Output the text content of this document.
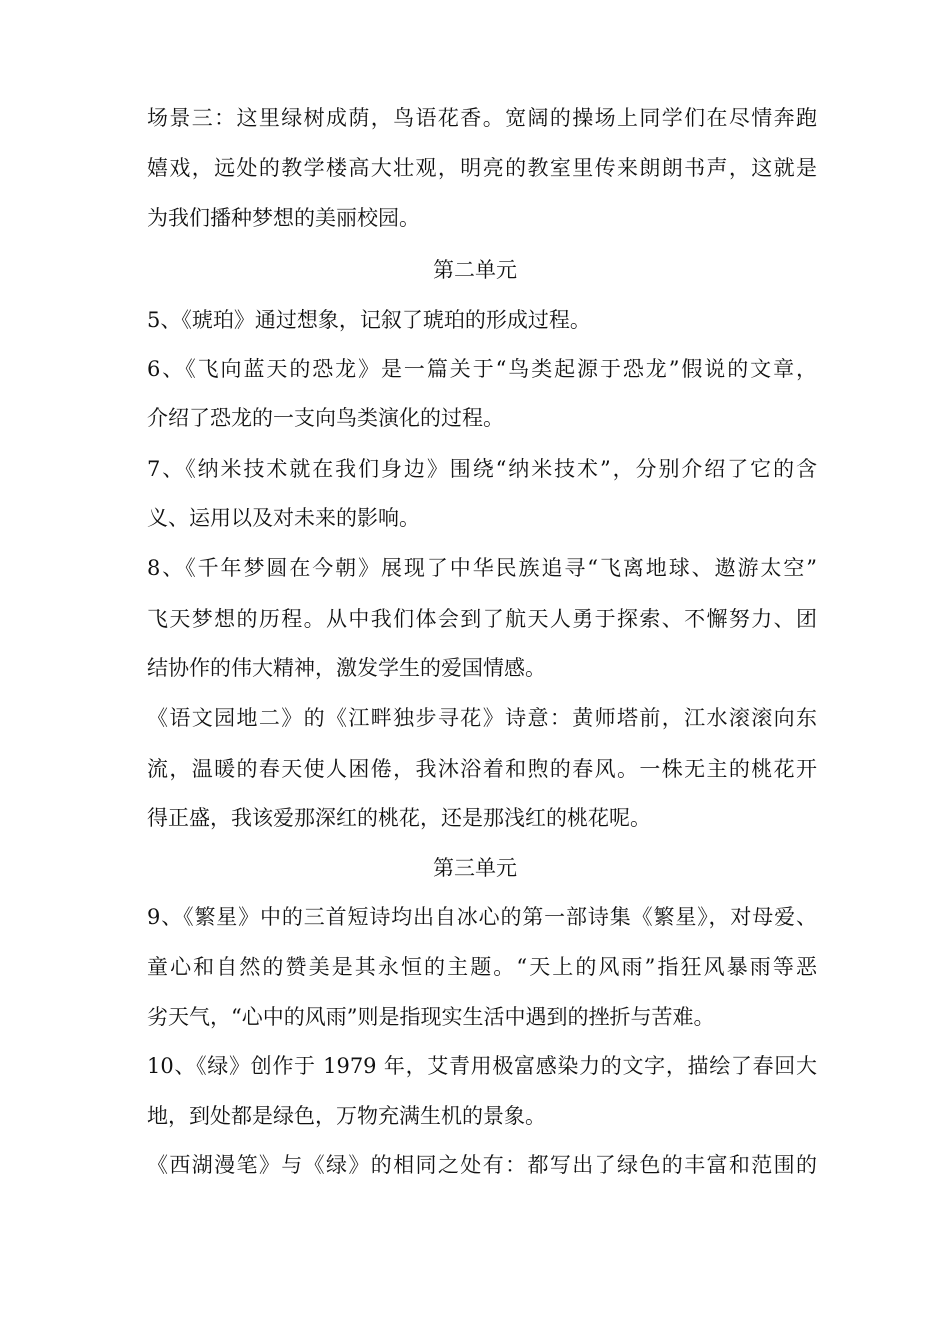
场景三：这里绿树成荫，鸟语花香。宽阔的操场上同学们在尽情奔跑
嬉戏，远处的教学楼高大壮观，明亮的教室里传来朗朗书声，这就是
为我们播种梦想的美丽校园。
第二单元
5、《琥珀》通过想象，记叙了琥珀的形成过程。
6、《飞向蓝天的恐龙》是一篇关于“鸟类起源于恐龙”假说的文章，
介绍了恐龙的一支向鸟类演化的过程。
7、《纳米技术就在我们身边》围绕“纳米技术”，分别介绍了它的含
义、运用以及对未来的影响。
8、《千年梦圆在今朝》展现了中华民族追寻“飞离地球、遨游太空”
飞天梦想的历程。从中我们体会到了航天人勇于探索、不懈努力、团
结协作的伟大精神，激发学生的爱国情感。
《语文园地二》的《江畔独步寻花》诗意：黄师塔前，江水滚滚向东
流，温暖的春天使人困倦，我沐浴着和煦的春风。一株无主的桃花开
得正盛，我该爱那深红的桃花，还是那浅红的桃花呢。
第三单元
9、《繁星》中的三首短诗均出自冰心的第一部诗集《繁星》，对母爱、
童心和自然的赞美是其永恒的主题。“天上的风雨”指狂风暴雨等恶
劣天气，“心中的风雨”则是指现实生活中遇到的挫折与苦难。
10、《绿》创作于 1979 年，艾青用极富感染力的文字，描绘了春回大
地，到处都是绿色，万物充满生机的景象。
《西湖漫笔》与《绿》的相同之处有：都写出了绿色的丰富和范围的
